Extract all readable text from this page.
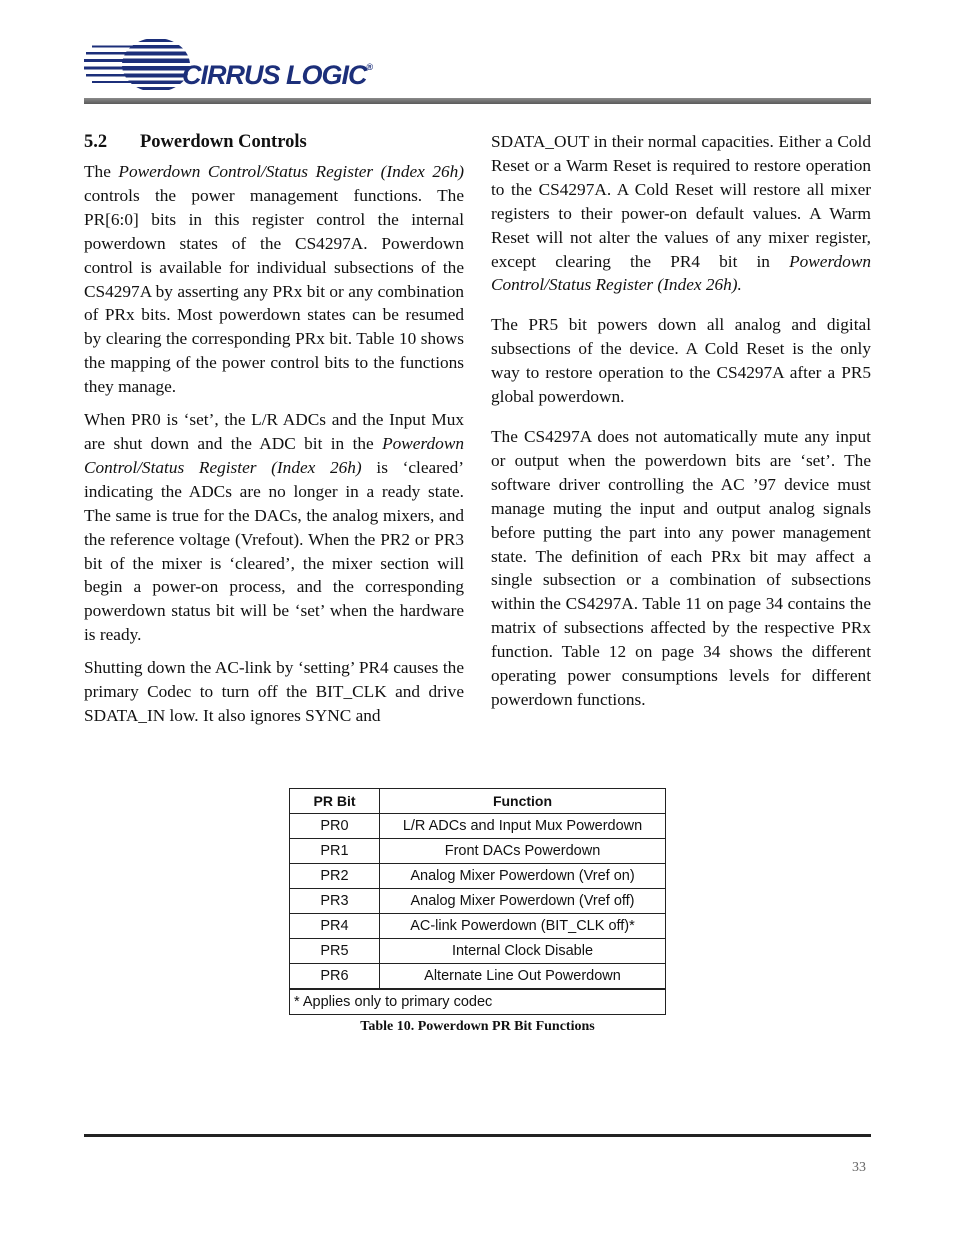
CIRRUS LOGIC®
5.2 Powerdown Controls

The Powerdown Control/Status Register (Index 26h) controls the power management functions. The PR[6:0] bits in this register control the internal powerdown states of the CS4297A. Powerdown control is available for individual subsections of the CS4297A by asserting any PRx bit or any combination of PRx bits. Most powerdown states can be resumed by clearing the corresponding PRx bit. Table 10 shows the mapping of the power control bits to the functions they manage.

When PR0 is ‘set’, the L/R ADCs and the Input Mux are shut down and the ADC bit in the Powerdown Control/Status Register (Index 26h) is ‘cleared’ indicating the ADCs are no longer in a ready state. The same is true for the DACs, the analog mixers, and the reference voltage (Vrefout). When the PR2 or PR3 bit of the mixer is ‘cleared’, the mixer section will begin a power-on process, and the corresponding powerdown status bit will be ‘set’ when the hardware is ready.

Shutting down the AC-link by ‘setting’ PR4 causes the primary Codec to turn off the BIT_CLK and drive SDATA_IN low. It also ignores SYNC and

SDATA_OUT in their normal capacities. Either a Cold Reset or a Warm Reset is required to restore operation to the CS4297A. A Cold Reset will restore all mixer registers to their power-on default values. A Warm Reset will not alter the values of any mixer register, except clearing the PR4 bit in Powerdown Control/Status Register (Index 26h).

The PR5 bit powers down all analog and digital subsections of the device. A Cold Reset is the only way to restore operation to the CS4297A after a PR5 global powerdown.

The CS4297A does not automatically mute any input or output when the powerdown bits are ‘set’. The software driver controlling the AC ’97 device must manage muting the input and output analog signals before putting the part into any power management state. The definition of each PRx bit may affect a single subsection or a combination of subsections within the CS4297A. Table 11 on page 34 contains the matrix of subsections affected by the respective PRx function. Table 12 on page 34 shows the different operating power consumptions levels for different powerdown functions.

PR Bit	Function
PR0	L/R ADCs and Input Mux Powerdown
PR1	Front DACs Powerdown
PR2	Analog Mixer Powerdown (Vref on)
PR3	Analog Mixer Powerdown (Vref off)
PR4	AC-link Powerdown (BIT_CLK off)*
PR5	Internal Clock Disable
PR6	Alternate Line Out Powerdown
* Applies only to primary codec	
Table 10. Powerdown PR Bit Functions
33
